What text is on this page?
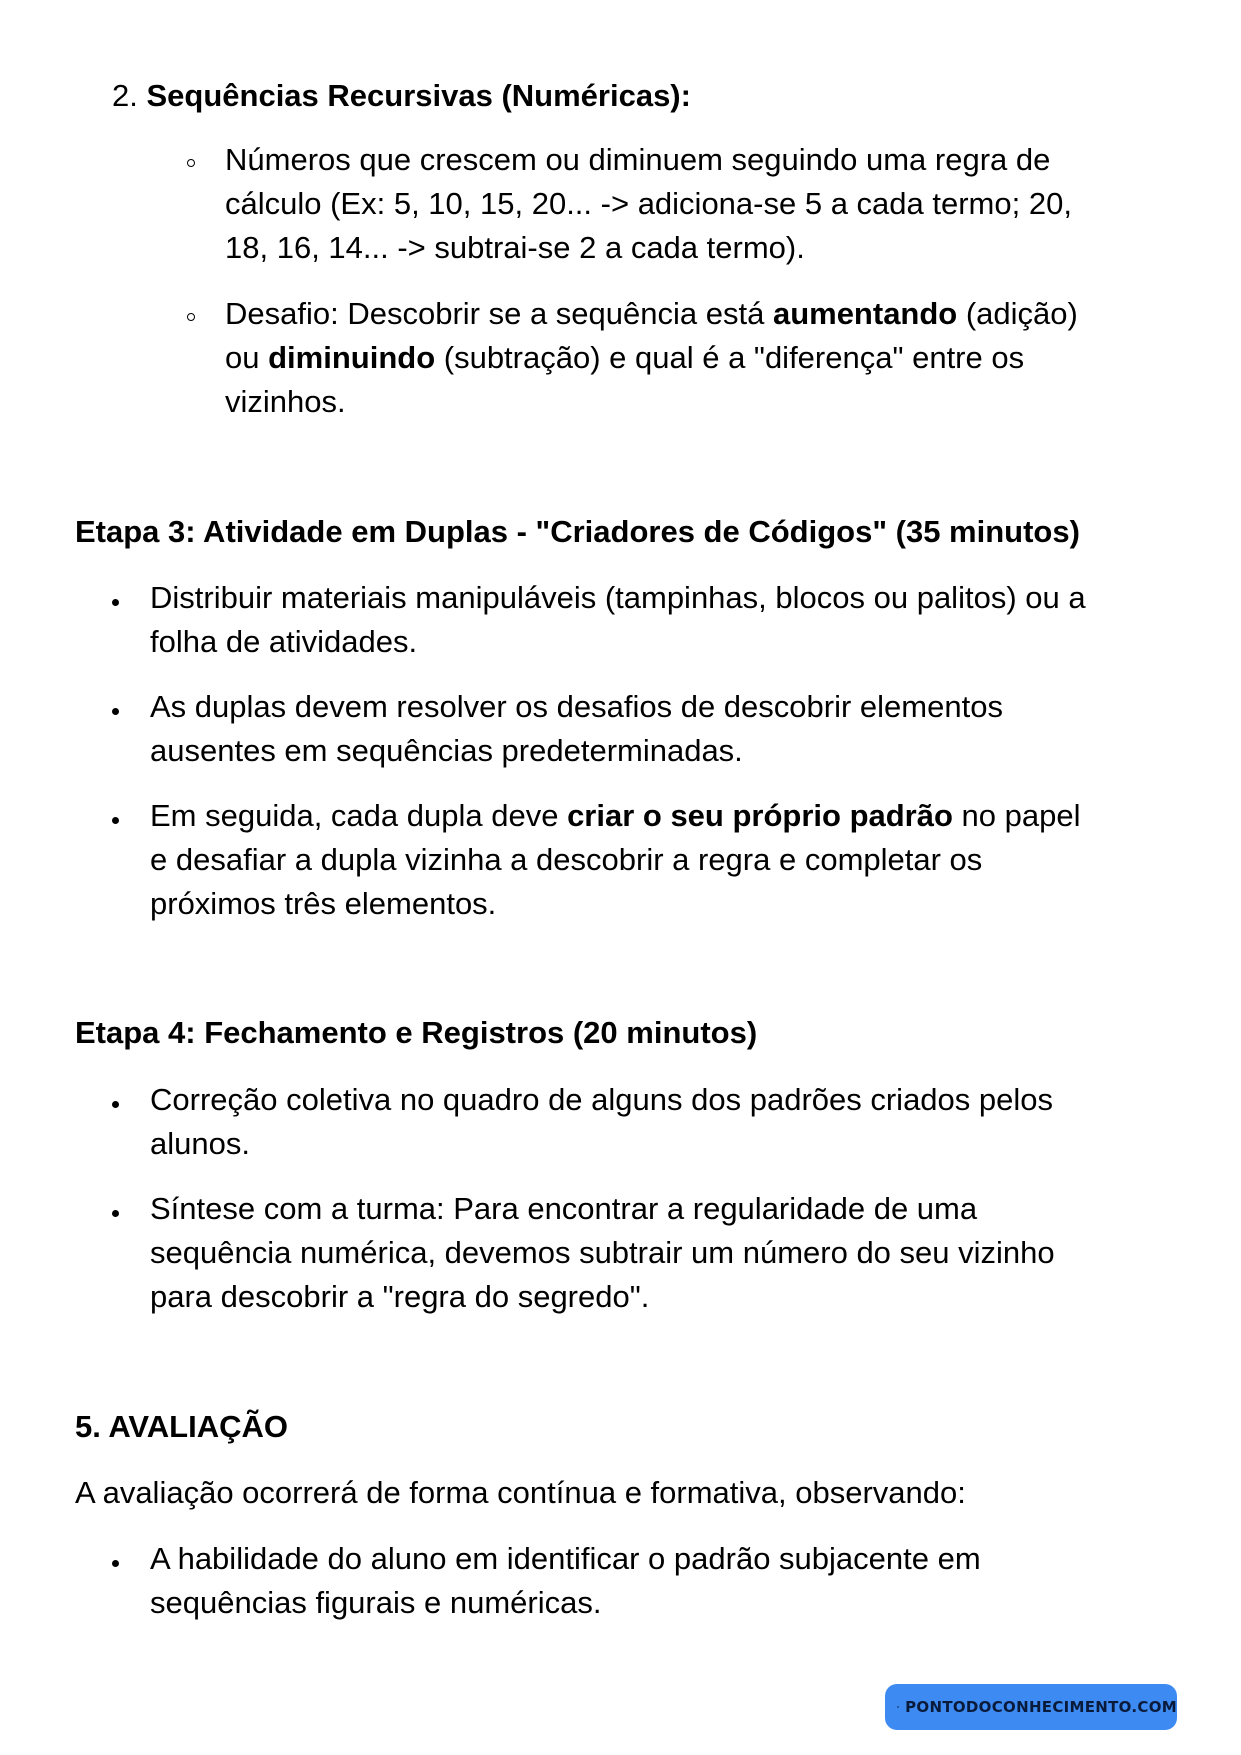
2. Sequências Recursivas (Numéricas):
Números que crescem ou diminuem seguindo uma regra de
cálculo (Ex: 5, 10, 15, 20... -> adiciona-se 5 a cada termo; 20,
18, 16, 14... -> subtrai-se 2 a cada termo).
Desafio: Descobrir se a sequência está aumentando (adição)
ou diminuindo (subtração) e qual é a "diferença" entre os
vizinhos.
Etapa 3: Atividade em Duplas - "Criadores de Códigos" (35 minutos)
Distribuir materiais manipuláveis (tampinhas, blocos ou palitos) ou a
folha de atividades.
As duplas devem resolver os desafios de descobrir elementos
ausentes em sequências predeterminadas.
Em seguida, cada dupla deve criar o seu próprio padrão no papel
e desafiar a dupla vizinha a descobrir a regra e completar os
próximos três elementos.
Etapa 4: Fechamento e Registros (20 minutos)
Correção coletiva no quadro de alguns dos padrões criados pelos
alunos.
Síntese com a turma: Para encontrar a regularidade de uma
sequência numérica, devemos subtrair um número do seu vizinho
para descobrir a "regra do segredo".
5. AVALIAÇÃO
A avaliação ocorrerá de forma contínua e formativa, observando:
A habilidade do aluno em identificar o padrão subjacente em
sequências figurais e numéricas.
PONTODOCONHECIMENTO.COM
